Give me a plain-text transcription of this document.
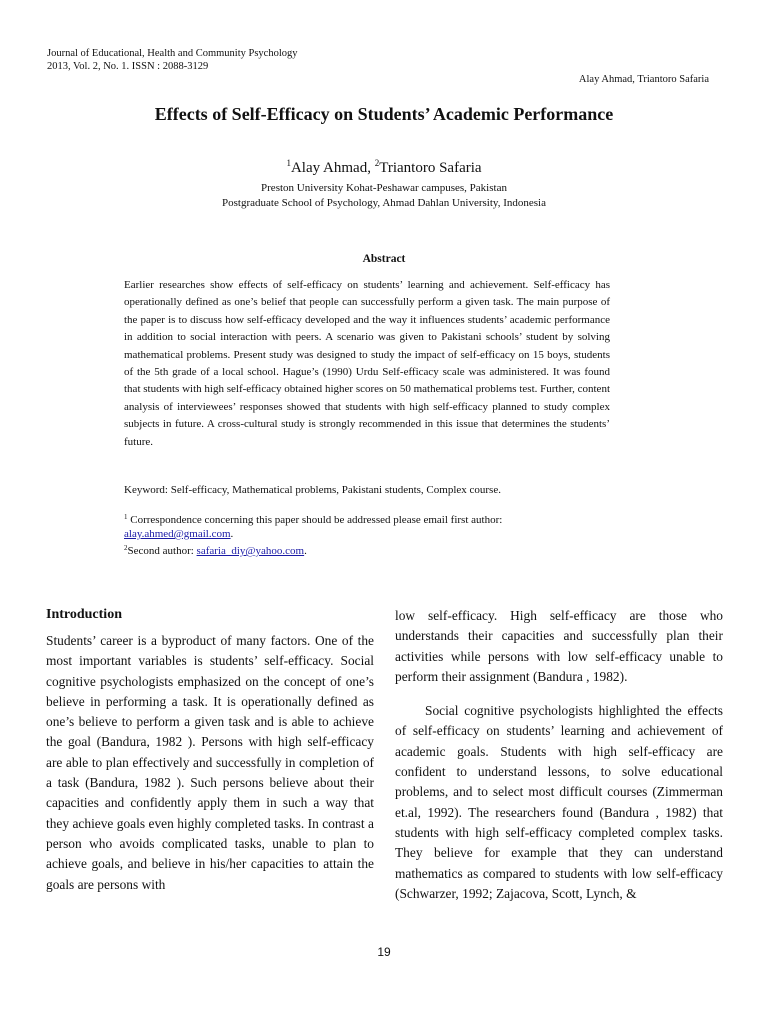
Journal of Educational, Health and Community Psychology
2013, Vol. 2, No. 1. ISSN : 2088-3129
Alay Ahmad, Triantoro Safaria
Effects of Self-Efficacy on Students’ Academic Performance
$^1$Alay Ahmad, $^2$Triantoro Safaria
Preston University Kohat-Peshawar campuses, Pakistan
Postgraduate School of Psychology, Ahmad Dahlan University, Indonesia
Abstract
Earlier researches show effects of self-efficacy on students’ learning and achievement. Self-efficacy has operationally defined as one’s belief that people can successfully perform a given task. The main purpose of the paper is to discuss how self-efficacy developed and the way it influences students’ academic performance in addition to social interaction with peers. A scenario was given to Pakistani schools’ student by solving mathematical problems. Present study was designed to study the impact of self-efficacy on 15 boys, students of the 5th grade of a local school. Hague’s (1990) Urdu Self-efficacy scale was administered. It was found that students with high self-efficacy obtained higher scores on 50 mathematical problems test. Further, content analysis of interviewees’ responses showed that students with high self-efficacy planned to study complex subjects in future. A cross-cultural study is strongly recommended in this issue that determines the students’ future.
Keyword: Self-efficacy, Mathematical problems, Pakistani students, Complex course.
$^1$ Correspondence concerning this paper should be addressed please email first author:
alay.ahmed@gmail.com.
$^2$Second author: safaria_diy@yahoo.com.
Introduction

Students’ career is a byproduct of many factors. One of the most important variables is students’ self-efficacy. Social cognitive psychologists emphasized on the concept of one’s believe in performing a task. It is operationally defined as one’s believe to perform a given task and is able to achieve the goal (Bandura, 1982 ). Persons with high self-efficacy are able to plan effectively and successfully in completion of a task (Bandura, 1982 ). Such persons believe about their capacities and confidently apply them in such a way that they achieve goals even highly completed tasks. In contrast a person who avoids complicated tasks, unable to plan to achieve goals, and believe in his/her capacities to attain the goals are persons with

low self-efficacy. High self-efficacy are those who understands their capacities and successfully plan their activities while persons with low self-efficacy unable to perform their assignment (Bandura , 1982).

Social cognitive psychologists highlighted the effects of self-efficacy on students’ learning and achievement of academic goals. Students with high self-efficacy are confident to understand lessons, to solve educational problems, and to select most difficult courses (Zimmerman et.al, 1992). The researchers found (Bandura , 1982) that students with high self-efficacy completed complex tasks. They believe for example that they can understand mathematics as compared to students with low self-efficacy (Schwarzer, 1992; Zajacova, Scott, Lynch, &

19
